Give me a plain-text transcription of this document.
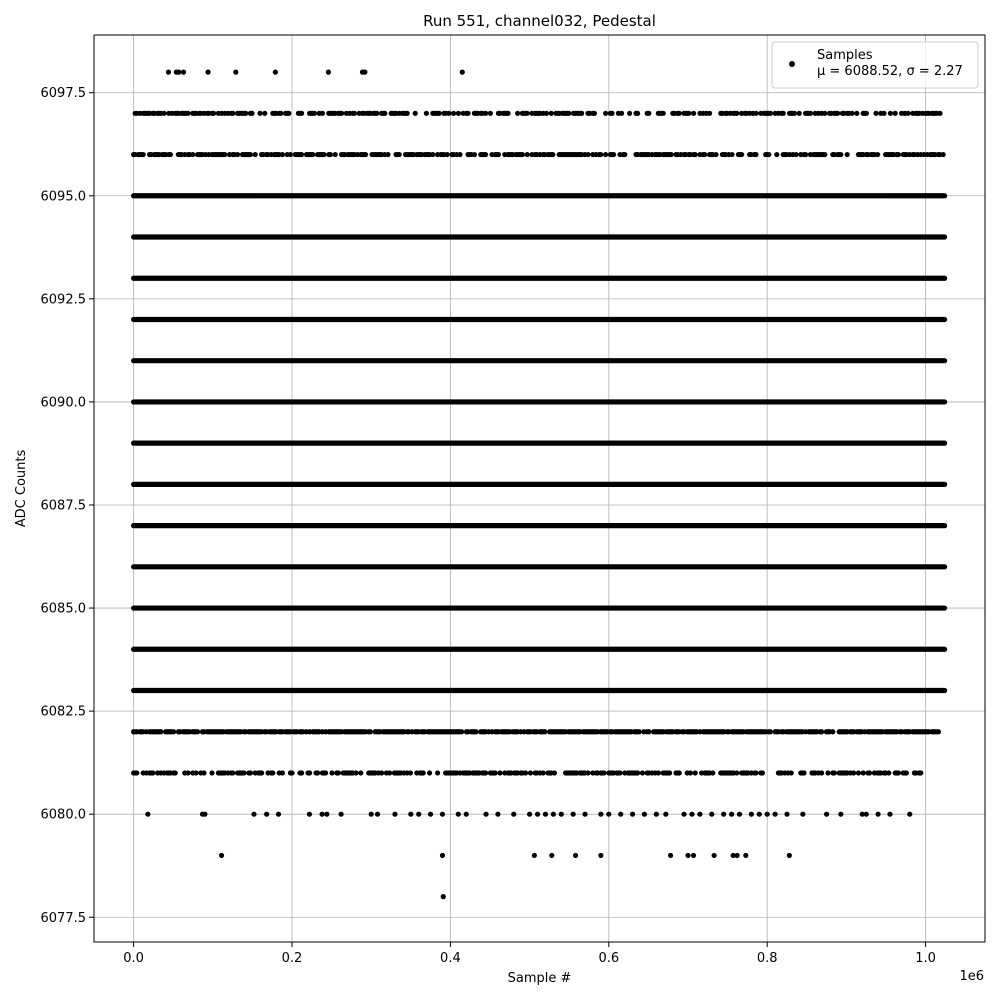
0.0	0.2	0.4	0.6	0.8	1.0
6077.5
6080.0
6082.5
6085.0
6087.5
6090.0
6092.5
6095.0
6097.5
Run 551, channel032, Pedestal
Sample #
ADC Counts
1e6
Samples
μ = 6088.52, σ = 2.27
